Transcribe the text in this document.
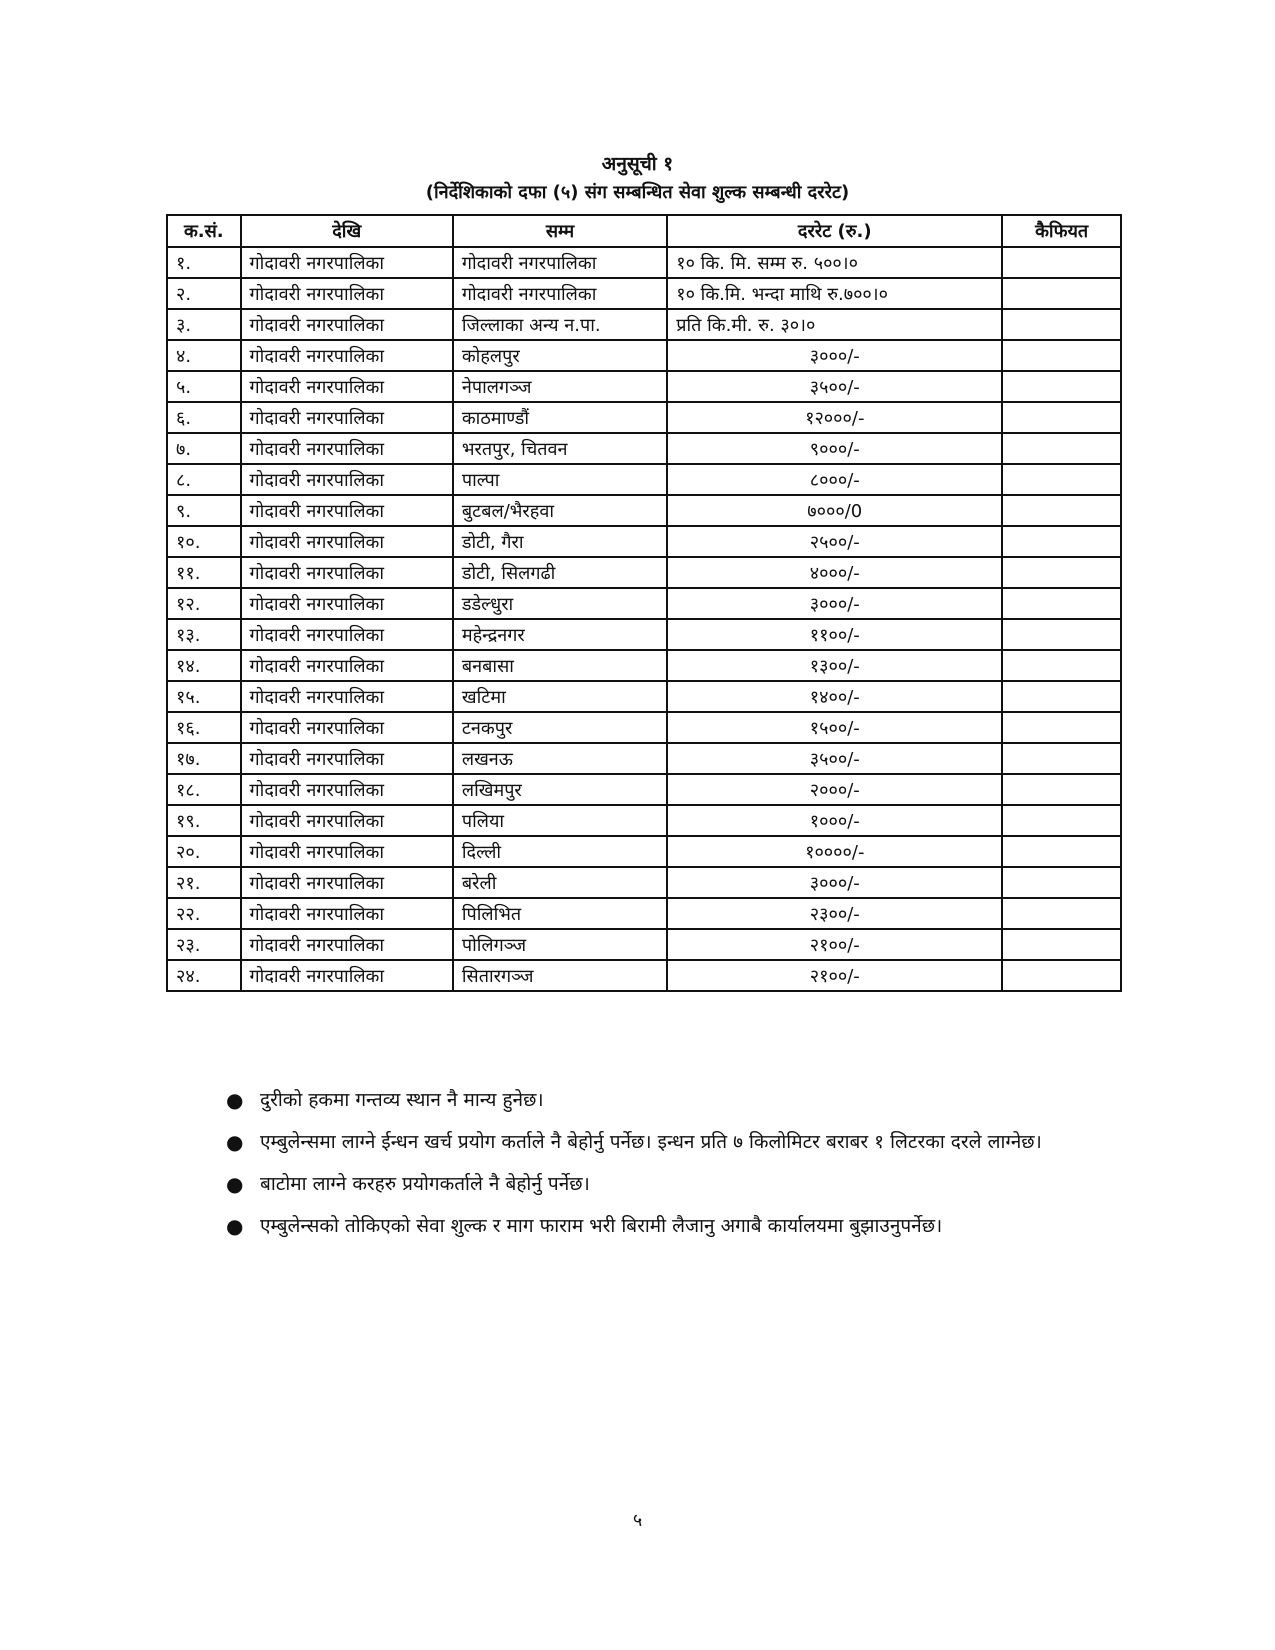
अनुसूची १
(निर्देशिकाको दफा (५) संग सम्बन्धित सेवा शुल्क सम्बन्धी दररेट)
क.सं.	देखि	सम्म	दररेट (रु.)	कैफियत
१.	गोदावरी नगरपालिका	गोदावरी नगरपालिका	१० कि. मि. सम्म रु. ५००।०	
२.	गोदावरी नगरपालिका	गोदावरी नगरपालिका	१० कि.मि. भन्दा माथि रु.७००।०	
३.	गोदावरी नगरपालिका	जिल्लाका अन्य न.पा.	प्रति कि.मी. रु. ३०।०	
४.	गोदावरी नगरपालिका	कोहलपुर	३०००/-	
५.	गोदावरी नगरपालिका	नेपालगञ्ज	३५००/-	
६.	गोदावरी नगरपालिका	काठमाण्डौं	१२०००/-	
७.	गोदावरी नगरपालिका	भरतपुर, चितवन	९०००/-	
८.	गोदावरी नगरपालिका	पाल्पा	८०००/-	
९.	गोदावरी नगरपालिका	बुटबल/भैरहवा	७०००/0	
१०.	गोदावरी नगरपालिका	डोटी, गैरा	२५००/-	
११.	गोदावरी नगरपालिका	डोटी, सिलगढी	४०००/-	
१२.	गोदावरी नगरपालिका	डडेल्धुरा	३०००/-	
१३.	गोदावरी नगरपालिका	महेन्द्रनगर	११००/-	
१४.	गोदावरी नगरपालिका	बनबासा	१३००/-	
१५.	गोदावरी नगरपालिका	खटिमा	१४००/-	
१६.	गोदावरी नगरपालिका	टनकपुर	१५००/-	
१७.	गोदावरी नगरपालिका	लखनऊ	३५००/-	
१८.	गोदावरी नगरपालिका	लखिमपुर	२०००/-	
१९.	गोदावरी नगरपालिका	पलिया	१०००/-	
२०.	गोदावरी नगरपालिका	दिल्ली	१००००/-	
२१.	गोदावरी नगरपालिका	बरेली	३०००/-	
२२.	गोदावरी नगरपालिका	पिलिभित	२३००/-	
२३.	गोदावरी नगरपालिका	पोलिगञ्ज	२१००/-	
२४.	गोदावरी नगरपालिका	सितारगञ्ज	२१००/-	
● दुरीको हकमा गन्तव्य स्थान नै मान्य हुनेछ।
● एम्बुलेन्समा लाग्ने ईन्धन खर्च प्रयोग कर्ताले नै बेहोर्नु पर्नेछ। इन्धन प्रति ७ किलोमिटर बराबर १ लिटरका दरले लाग्नेछ।
● बाटोमा लाग्ने करहरु प्रयोगकर्ताले नै बेहोर्नु पर्नेछ।
● एम्बुलेन्सको तोकिएको सेवा शुल्क र माग फाराम भरी बिरामी लैजानु अगाबै कार्यालयमा बुझाउनुपर्नेछ।
५
